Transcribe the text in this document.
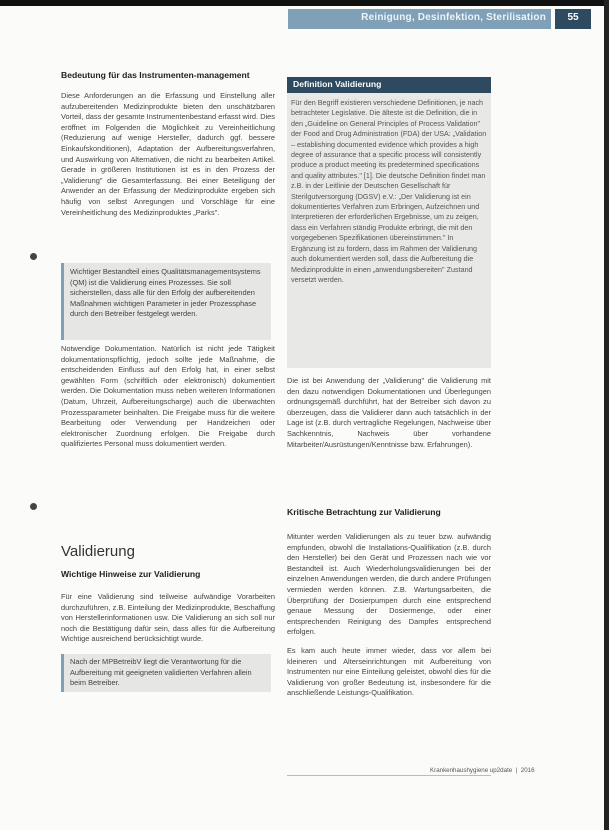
Reinigung, Desinfektion, Sterilisation	55

Bedeutung für das Instrumenten-management

Diese Anforderungen an die Erfassung und Einstellung aller aufzubereitenden Medizinprodukte bieten den unschätzbaren Vorteil, dass der gesamte Instrumentenbestand erfasst wird. Dies eröffnet im Folgenden die Möglichkeit zu Vereinheitlichung (Reduzierung auf wenige Hersteller, dadurch ggf. bessere Einkaufskonditionen), Adaptation der Aufbereitungsverfahren, und Auswirkung von Alternativen, die nicht zu bearbeiten Artikel. Gerade in größeren Institutionen ist es in den Prozess der „Validierung" die Gesamterfassung. Bei einer Beteiligung der Anwender an der Erfassung der Medizinprodukte ergeben sich häufig von selbst Anregungen und Vorschläge für eine Vereinheitlichung des Medizinproduktes „Parks".

Wichtiger Bestandteil eines Qualitätsmanagementsystems (QM) ist die Validierung eines Prozesses. Sie soll sicherstellen, dass alle für den Erfolg der aufbereitenden Maßnahmen wichtigen Parameter in jeder Prozessphase durch den Betreiber festgelegt werden.

Notwendige Dokumentation. Natürlich ist nicht jede Tätigkeit dokumentationspflichtig, jedoch sollte jede Maßnahme, die entscheidenden Einfluss auf den Erfolg hat, in einer selbst gewählten Form (schriftlich oder elektronisch) dokumentiert werden. Die Dokumentation muss neben weiteren Informationen (Datum, Uhrzeit, Aufbereitungscharge) auch die überwachten Prozessparameter beinhalten. Die Freigabe muss für die weitere Bearbeitung oder Verwendung per Handzeichen oder elektronischer Zuordnung erfolgen. Die Freigabe durch qualifiziertes Personal muss dokumentiert werden.

Validierung
Wichtige Hinweise zur Validierung

Für eine Validierung sind teilweise aufwändige Vorarbeiten durchzuführen, z.B. Einteilung der Medizinprodukte, Beschaffung von Herstellerinformationen usw. Die Validierung an sich soll nur noch die Bestätigung dafür sein, dass alles für die Aufbereitung Wichtige ausreichend berücksichtigt wurde.

Nach der MPBetreibV liegt die Verantwortung für die Aufbereitung mit geeigneten validierten Verfahren allein beim Betreiber.
Definition Validierung
Für den Begriff existieren verschiedene Definitionen, je nach betrachteter Legislative. Die älteste ist die Definition, die in den „Guideline on General Principles of Process Validation" der Food and Drug Administration (FDA) der USA: „Validation – establishing documented evidence which provides a high degree of assurance that a specific process will consistently produce a product meeting its predetermined specifications and quality attributes." [1]. Die deutsche Definition findet man z.B. in der Leitlinie der Deutschen Gesellschaft für Sterilgutversorgung (DGSV) e.V.: „Der Validierung ist ein dokumentiertes Verfahren zum Erbringen, Aufzeichnen und Interpretieren der erforderlichen Ergebnisse, um zu zeigen, dass ein Verfahren ständig Produkte erbringt, die mit den vorgegebenen Spezifikationen übereinstimmen." In Ergänzung ist zu fordern, dass im Rahmen der Validierung auch dokumentiert werden soll, dass die Aufbereitung die Medizinprodukte in einen „anwendungsbereiten" Zustand versetzt werden.

Die ist bei Anwendung der „Validierung" die Validierung mit den dazu notwendigen Dokumentationen und Überlegungen ordnungsgemäß durchführt, hat der Betreiber sich davon zu überzeugen, dass die Validierer dann auch tatsächlich in der Lage ist (z.B. durch vertragliche Regelungen, Nachweise über Sachkenntnis, Nachweis über vorhandene Mitarbeiter/Ausrüstungen/Kenntnisse bzw. Erfahrungen).

Kritische Betrachtung zur Validierung

Mitunter werden Validierungen als zu teuer bzw. aufwändig empfunden, obwohl die Installations-Qualifikation (z.B. durch den Hersteller) bei den Gerät und Prozessen nach wie vor Bestandteil ist. Auch Wiederholungsvalidierungen bei der einzelnen Anwendungen werden, die durch andere Prüfungen vermieden werden können. Z.B. Wartungsarbeiten, die Überprüfung der Dosierpumpen durch eine entsprechend genaue Messung der Dosiermenge, oder einer entsprechenden Reinigung des Dampfes entsprechend erfolgen.

Es kam auch heute immer wieder, dass vor allem bei kleineren und Alterseinrichtungen mit Aufbereitung von Instrumenten nur eine Einteilung geleistet, obwohl dies für die Validierung von großer Bedeutung ist, insbesondere für die anschließende Leistungs-Qualifikation.

Krankenhaushygiene up2date  |  2016
